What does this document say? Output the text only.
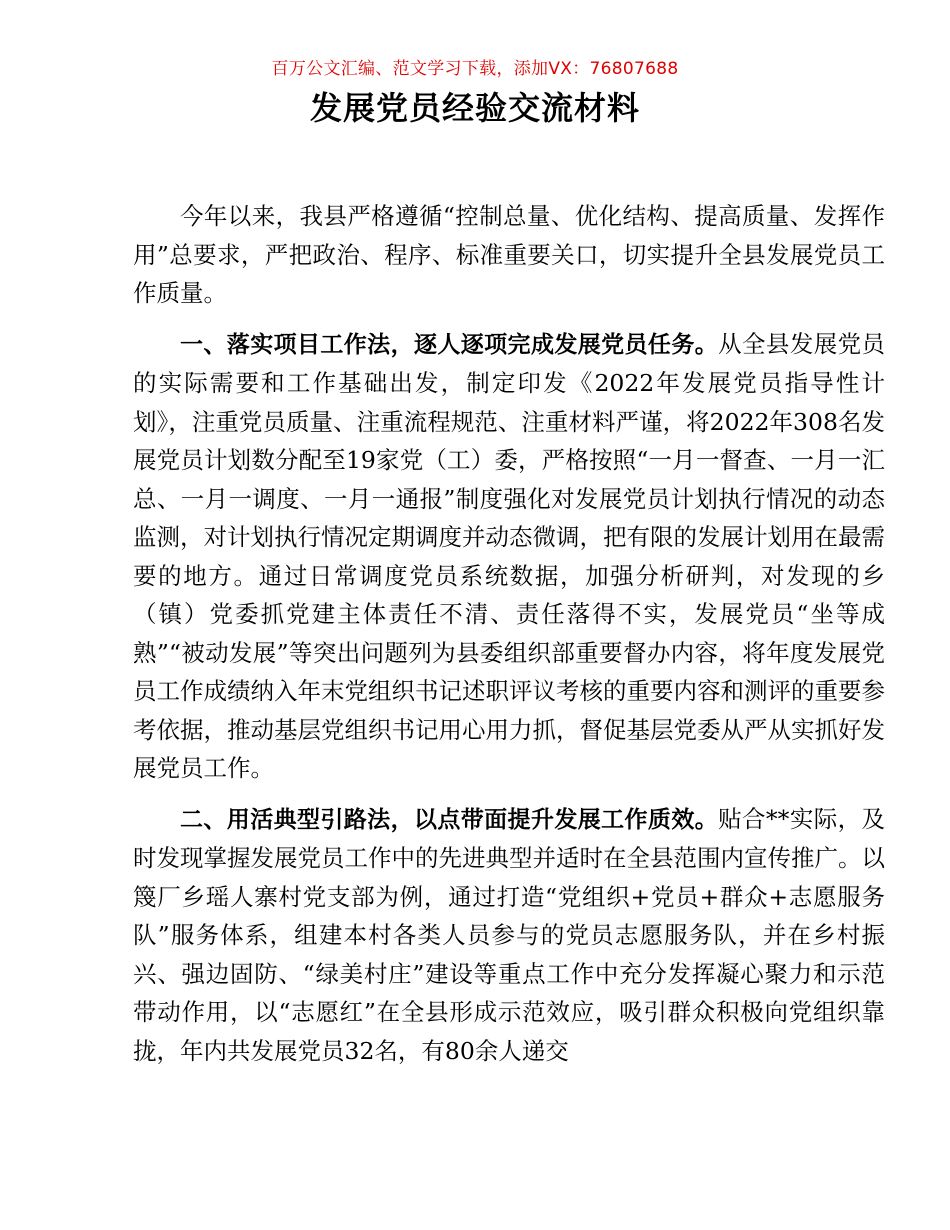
百万公文汇编、范文学习下载，添加VX：76807688
发展党员经验交流材料

今年以来，我县严格遵循“控制总量、优化结构、提高质量、发挥作用”总要求，严把政治、程序、标准重要关口，切实提升全县发展党员工作质量。

一、落实项目工作法，逐人逐项完成发展党员任务。从全县发展党员的实际需要和工作基础出发，制定印发《2022年发展党员指导性计划》，注重党员质量、注重流程规范、注重材料严谨，将2022年308名发展党员计划数分配至19家党（工）委，严格按照“一月一督查、一月一汇总、一月一调度、一月一通报”制度强化对发展党员计划执行情况的动态监测，对计划执行情况定期调度并动态微调，把有限的发展计划用在最需要的地方。通过日常调度党员系统数据，加强分析研判，对发现的乡（镇）党委抓党建主体责任不清、责任落得不实，发展党员“坐等成熟”“被动发展”等突出问题列为县委组织部重要督办内容，将年度发展党员工作成绩纳入年末党组织书记述职评议考核的重要内容和测评的重要参考依据，推动基层党组织书记用心用力抓，督促基层党委从严从实抓好发展党员工作。

二、用活典型引路法，以点带面提升发展工作质效。贴合**实际，及时发现掌握发展党员工作中的先进典型并适时在全县范围内宣传推广。以篾厂乡瑶人寨村党支部为例，通过打造“党组织+党员+群众+志愿服务队”服务体系，组建本村各类人员参与的党员志愿服务队，并在乡村振兴、强边固防、“绿美村庄”建设等重点工作中充分发挥凝心聚力和示范带动作用，以“志愿红”在全县形成示范效应，吸引群众积极向党组织靠拢，年内共发展党员32名，有80余人递交
